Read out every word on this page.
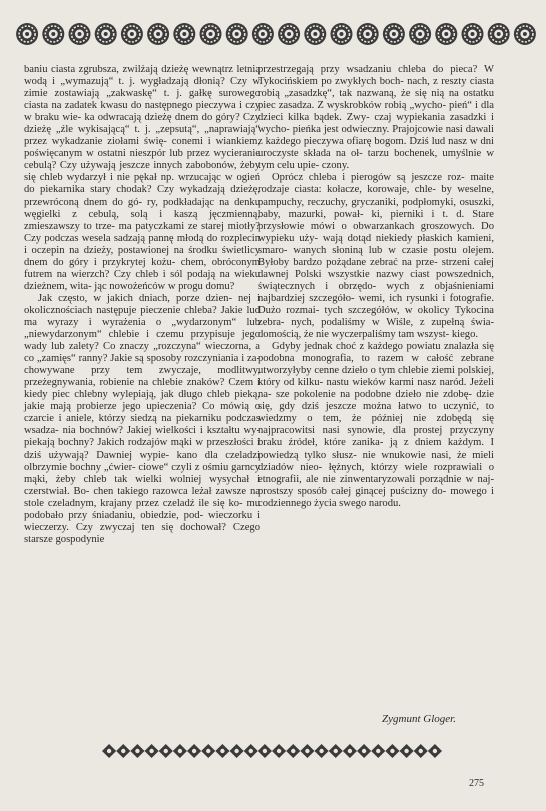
baniu ciasta zgrubsza, zwilżają dzieżę wewnątrz letnią wodą i „wymazują“ t. j. wygładzają dłonią? Czy w zimie zostawiają „zakwaskę“ t. j. gałkę surowego ciasta na zadatek kwasu do następnego pieczywa i czy w braku wie- ka odwracają dzieżę dnem do góry? Czy dzieżę „źle wykisającą“ t. j. „zepsutą“, „naprawiają“ przez wykadzanie ziołami świę- conemi i wiankiem, poświęcanym w ostatni nieszpór lub przez wycieranie cebulą? Czy używają jeszcze innych zabobonów, żeby się chleb wydarzył i nie pękał np. wrzucając w ogień do piekarnika stary chodak? Czy wykadzają dzieżę, przewróconą dnem do gó- ry, podkładając na denku węgielki z cebulą, solą i kaszą jęczmienną, zmieszawszy to trze- ma patyczkami ze starej miotły? Czy podczas wesela sadzają pannę młodą do rozplecin i oczepin na dzieży, postawionej na środku świetlicy dnem do góry i przykrytej kożu- chem, obróconym futrem na wierzch? Czy chleb i sól podają na wieku dzieżnem, wita- jąc nowożeńców w progu domu?

Jak często, w jakich dniach, porze dzien- nej i okolicznościach następuje pieczenie chleba? Jakie lud ma wyrazy i wyrażenia o „wydarzonym“ lub „niewydarzonym“ chlebie i czemu przypisuje jego wady lub zalety? Co znaczy „rozczyna“ wieczorna, a co „zamięs“ ranny? Jakie są sposoby rozczyniania i za- chowywane przy tem zwyczaje, modlitwy, przeżegnywania, robienie na chlebie znaków? Czem i kiedy piec chlebny wylepiają, jak długo chleb pieką, jakie mają probierze jego upieczenia? Co mówią o czarcie i aniele, którzy siedzą na piekarniku podczas wsadza- nia bochnów? Jakiej wielkości i kształtu wy- piekają bochny? Jakich rodzajów mąki w przeszłości i dziś używają? Dawniej wypie- kano dla czeladzi olbrzymie bochny „ćwier- ciowe“ czyli z ośmiu garncy mąki, żeby chleb tak wielki wolniej wysychał i czerstwiał. Bo- chen takiego razowca leżał zawsze na stole czeladnym, krajany przez czeladź ile się ko- mu podobało przy śniadaniu, obiedzie, pod- wieczorku i wieczerzy. Czy zwyczaj ten się dochował? Czego starsze gospodynie

przestrzegają przy wsadzaniu chleba do pieca? W Tykocińskiem po zwykłych boch- nach, z reszty ciasta robią „zasadzkę“, tak nazwaną, że się nią na ostatku piec zasadza. Z wyskrobków robią „wycho- pień“ i dla dzieci kilka bądek. Zwy- czaj wypiekania zasadzki i wycho- pieńka jest odwieczny. Prajojcowie nasi dawali z każdego pieczywa ofiarę bogom. Dziś lud nasz w dni uroczyste składa na oł- tarzu bochenek, umyślnie w tym celu upie- czony.

Oprócz chleba i pierogów są jeszcze roz- maite rodzaje ciasta: kołacze, korowaje, chle- by weselne, pampuchy, reczuchy, gryczaniki, podpłomyki, osuszki, baby, mazurki, pował- ki, pierniki i t. d. Stare przysłowie mówi o obwarzankach groszowych. Do wypieku uży- wają dotąd niekiedy płaskich kamieni, smaro- wanych słoniną lub w czasie postu olejem. Byłoby bardzo pożądane zebrać na prze- strzeni całej dawnej Polski wszystkie nazwy ciast powszednich, świątecznych i obrzędo- wych z objaśnieniami najbardziej szczegóło- wemi, ich rysunki i fotografie. Dużo rozmai- tych szczegółów, w okolicy Tykocina zebra- nych, podaliśmy w Wiśle, z zupełną świa- domością, że nie wyczerpaliśmy tam wszyst- kiego.

Gdyby jednak choć z każdego powiatu znalazła się podobna monografia, to razem w całość zebrane utworzyłyby cenne dzieło o tym chlebie ziemi polskiej, który od kilku- nastu wieków karmi nasz naród. Jeżeli na- sze pokolenie na podobne dzieło nie zdobę- dzie się, gdy dziś jeszcze można łatwo to uczynić, to wiedzmy o tem, że później nie zdobędą się najpracowitsi nasi synowie, dla prostej przyczyny braku źródeł, które zanika- ją z dniem każdym. I powiedzą tylko słusz- nie wnukowie nasi, że mieli dziadów nieo- łężnych, którzy wiele rozprawiali o etnografii, ale nie zinwentaryzowali porządnie w naj- prostszy sposób całej ginącej puścizny do- mowego i codziennego życia swego narodu.

Zygmunt Gloger.
275
